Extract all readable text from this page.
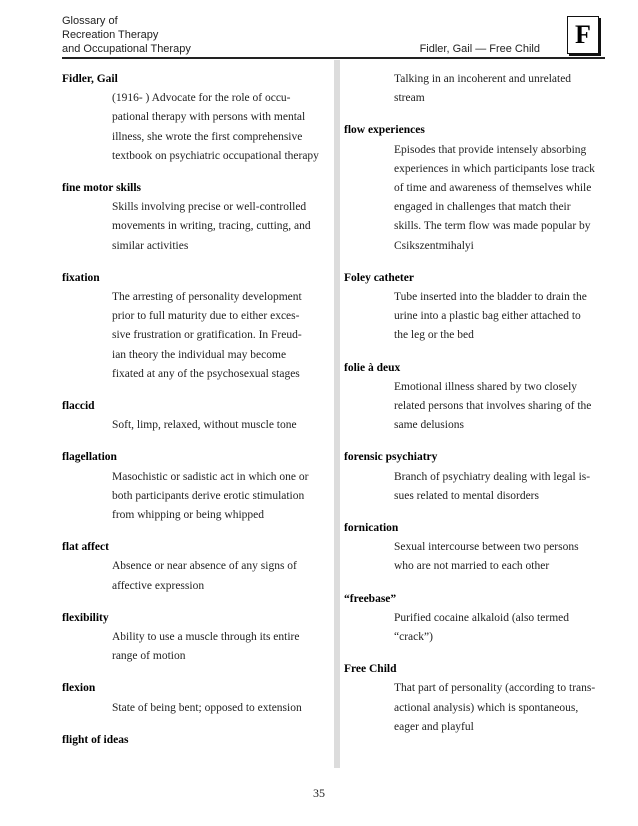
Glossary of
Recreation Therapy
and Occupational Therapy	Fidler, Gail — Free Child	F
Fidler, Gail
(1916- ) Advocate for the role of occu-
pational therapy with persons with mental
illness, she wrote the first comprehensive
textbook on psychiatric occupational therapy
fine motor skills
Skills involving precise or well-controlled
movements in writing, tracing, cutting, and
similar activities
fixation
The arresting of personality development
prior to full maturity due to either exces-
sive frustration or gratification. In Freud-
ian theory the individual may become
fixated at any of the psychosexual stages
flaccid
Soft, limp, relaxed, without muscle tone
flagellation
Masochistic or sadistic act in which one or
both participants derive erotic stimulation
from whipping or being whipped
flat affect
Absence or near absence of any signs of
affective expression
flexibility
Ability to use a muscle through its entire
range of motion
flexion
State of being bent; opposed to extension
flight of ideas
Talking in an incoherent and unrelated
stream
flow experiences
Episodes that provide intensely absorbing
experiences in which participants lose track
of time and awareness of themselves while
engaged in challenges that match their
skills. The term flow was made popular by
Csikszentmihalyi
Foley catheter
Tube inserted into the bladder to drain the
urine into a plastic bag either attached to
the leg or the bed
folie à deux
Emotional illness shared by two closely
related persons that involves sharing of the
same delusions
forensic psychiatry
Branch of psychiatry dealing with legal is-
sues related to mental disorders
fornication
Sexual intercourse between two persons
who are not married to each other
“freebase”
Purified cocaine alkaloid (also termed
“crack”)
Free Child
That part of personality (according to trans-
actional analysis) which is spontaneous,
eager and playful
35
